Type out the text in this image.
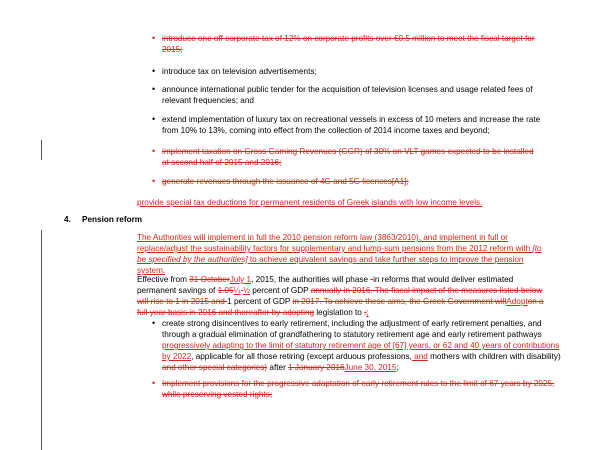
• introduce one off corporate tax of 12% on corporate profits over €0.5 million to meet the fiscal target for 2015;
• introduce tax on television advertisements;
• announce international public tender for the acquisition of television licenses and usage related fees of relevant frequencies; and
• extend implementation of luxury tax on recreational vessels in excess of 10 meters and increase the rate from 10% to 13%, coming into effect from the collection of 2014 income taxes and beyond;
• implement taxation on Gross Gaming Revenues (GGR) of 30% on VLT games expected to be installed at second half of 2015 and 2016;
• generate revenues through the issuance of 4G and 5G licences[A1];
provide special tax deductions for permanent residents of Greek islands with low income levels.
4. Pension reform
The Authorities will implement in full the 2010 pension reform law (3863/2010), and implement in full or replace/adjust the sustainability factors for supplementary and lump-sum pensions from the 2012 reform with [to be specified by the authorities] to achieve equivalent savings and take further steps to improve the pension system.
Effective from 31 OctoberJuly 1, 2015, the authorities will phase -in reforms that would deliver estimated permanent savings of 1.05¼-½ percent of GDP annually in 2016. The fiscal impact of the measures listed below will rise to 1 in 2015 and 1 percent of GDP in 2017. To achieve these aims, the Greek Government willAdopton a full year basis in 2016 and thereafter by adopting legislation to :;
• create strong disincentives to early retirement, including the adjustment of early retirement penalties, and through a gradual elimination of grandfathering to statutory retirement age and early retirement pathways progressively adapting to the limit of statutory retirement age of [67] years, or 62 and 40 years of contributions by 2022, applicable for all those retiring (except arduous professions, and mothers with children with disability) and other special categories) after 1 January 2016June 30, 2015;
• Implement provisions for the progressive adaptation of early retirement rules to the limit of 67 years by 2025, while preserving vested rights;
